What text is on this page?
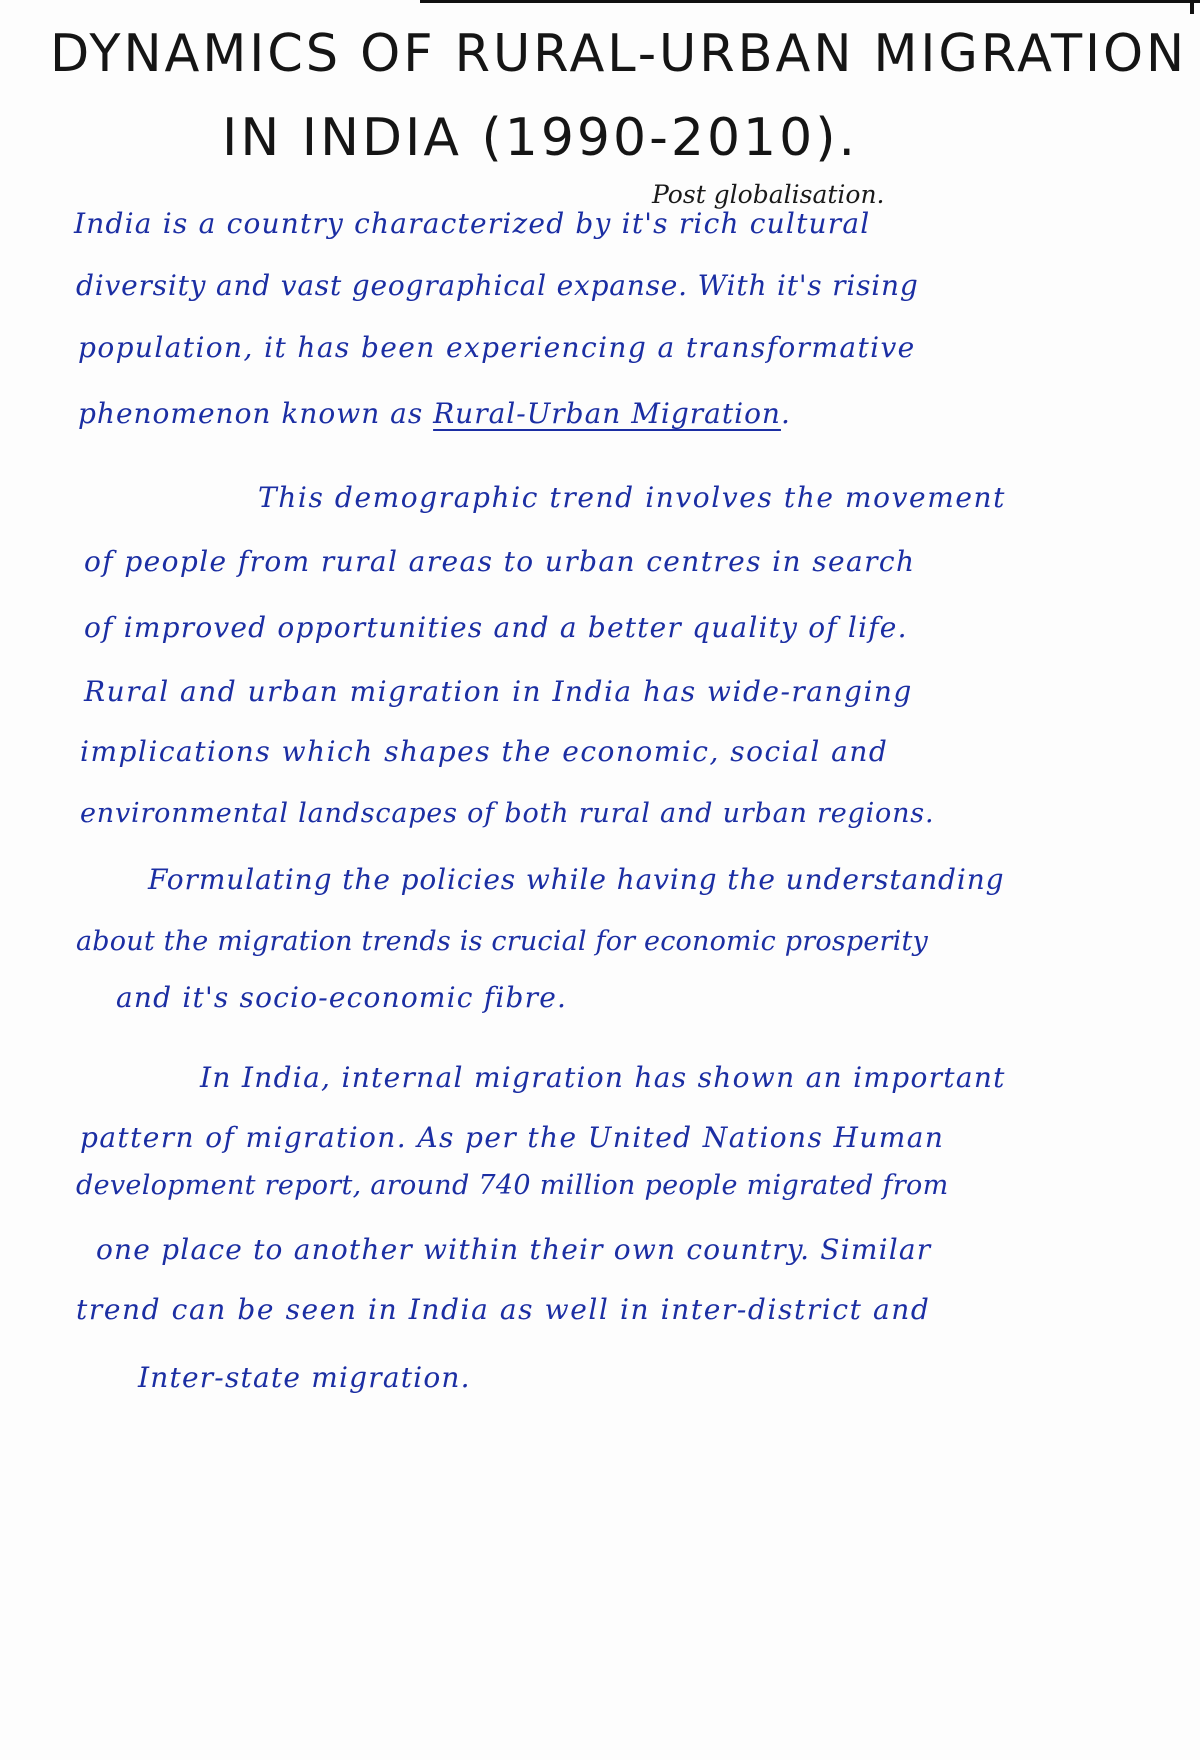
DYNAMICS OF RURAL-URBAN MIGRATION
IN INDIA (1990-2010).
Post globalisation.
India is a country characterized by it's rich cultural
diversity and vast geographical expanse. With it's rising
population, it has been experiencing a transformative
phenomenon known as Rural-Urban Migration.
This demographic trend involves the movement
of people from rural areas to urban centres in search
of improved opportunities and a better quality of life.
Rural and urban migration in India has wide-ranging
implications which shapes the economic, social and
environmental landscapes of both rural and urban regions.
Formulating the policies while having the understanding
about the migration trends is crucial for economic prosperity
and it's socio-economic fibre.
In India, internal migration has shown an important
pattern of migration. As per the United Nations Human
development report, around 740 million people migrated from
one place to another within their own country. Similar
trend can be seen in India as well in inter-district and
Inter-state migration.
